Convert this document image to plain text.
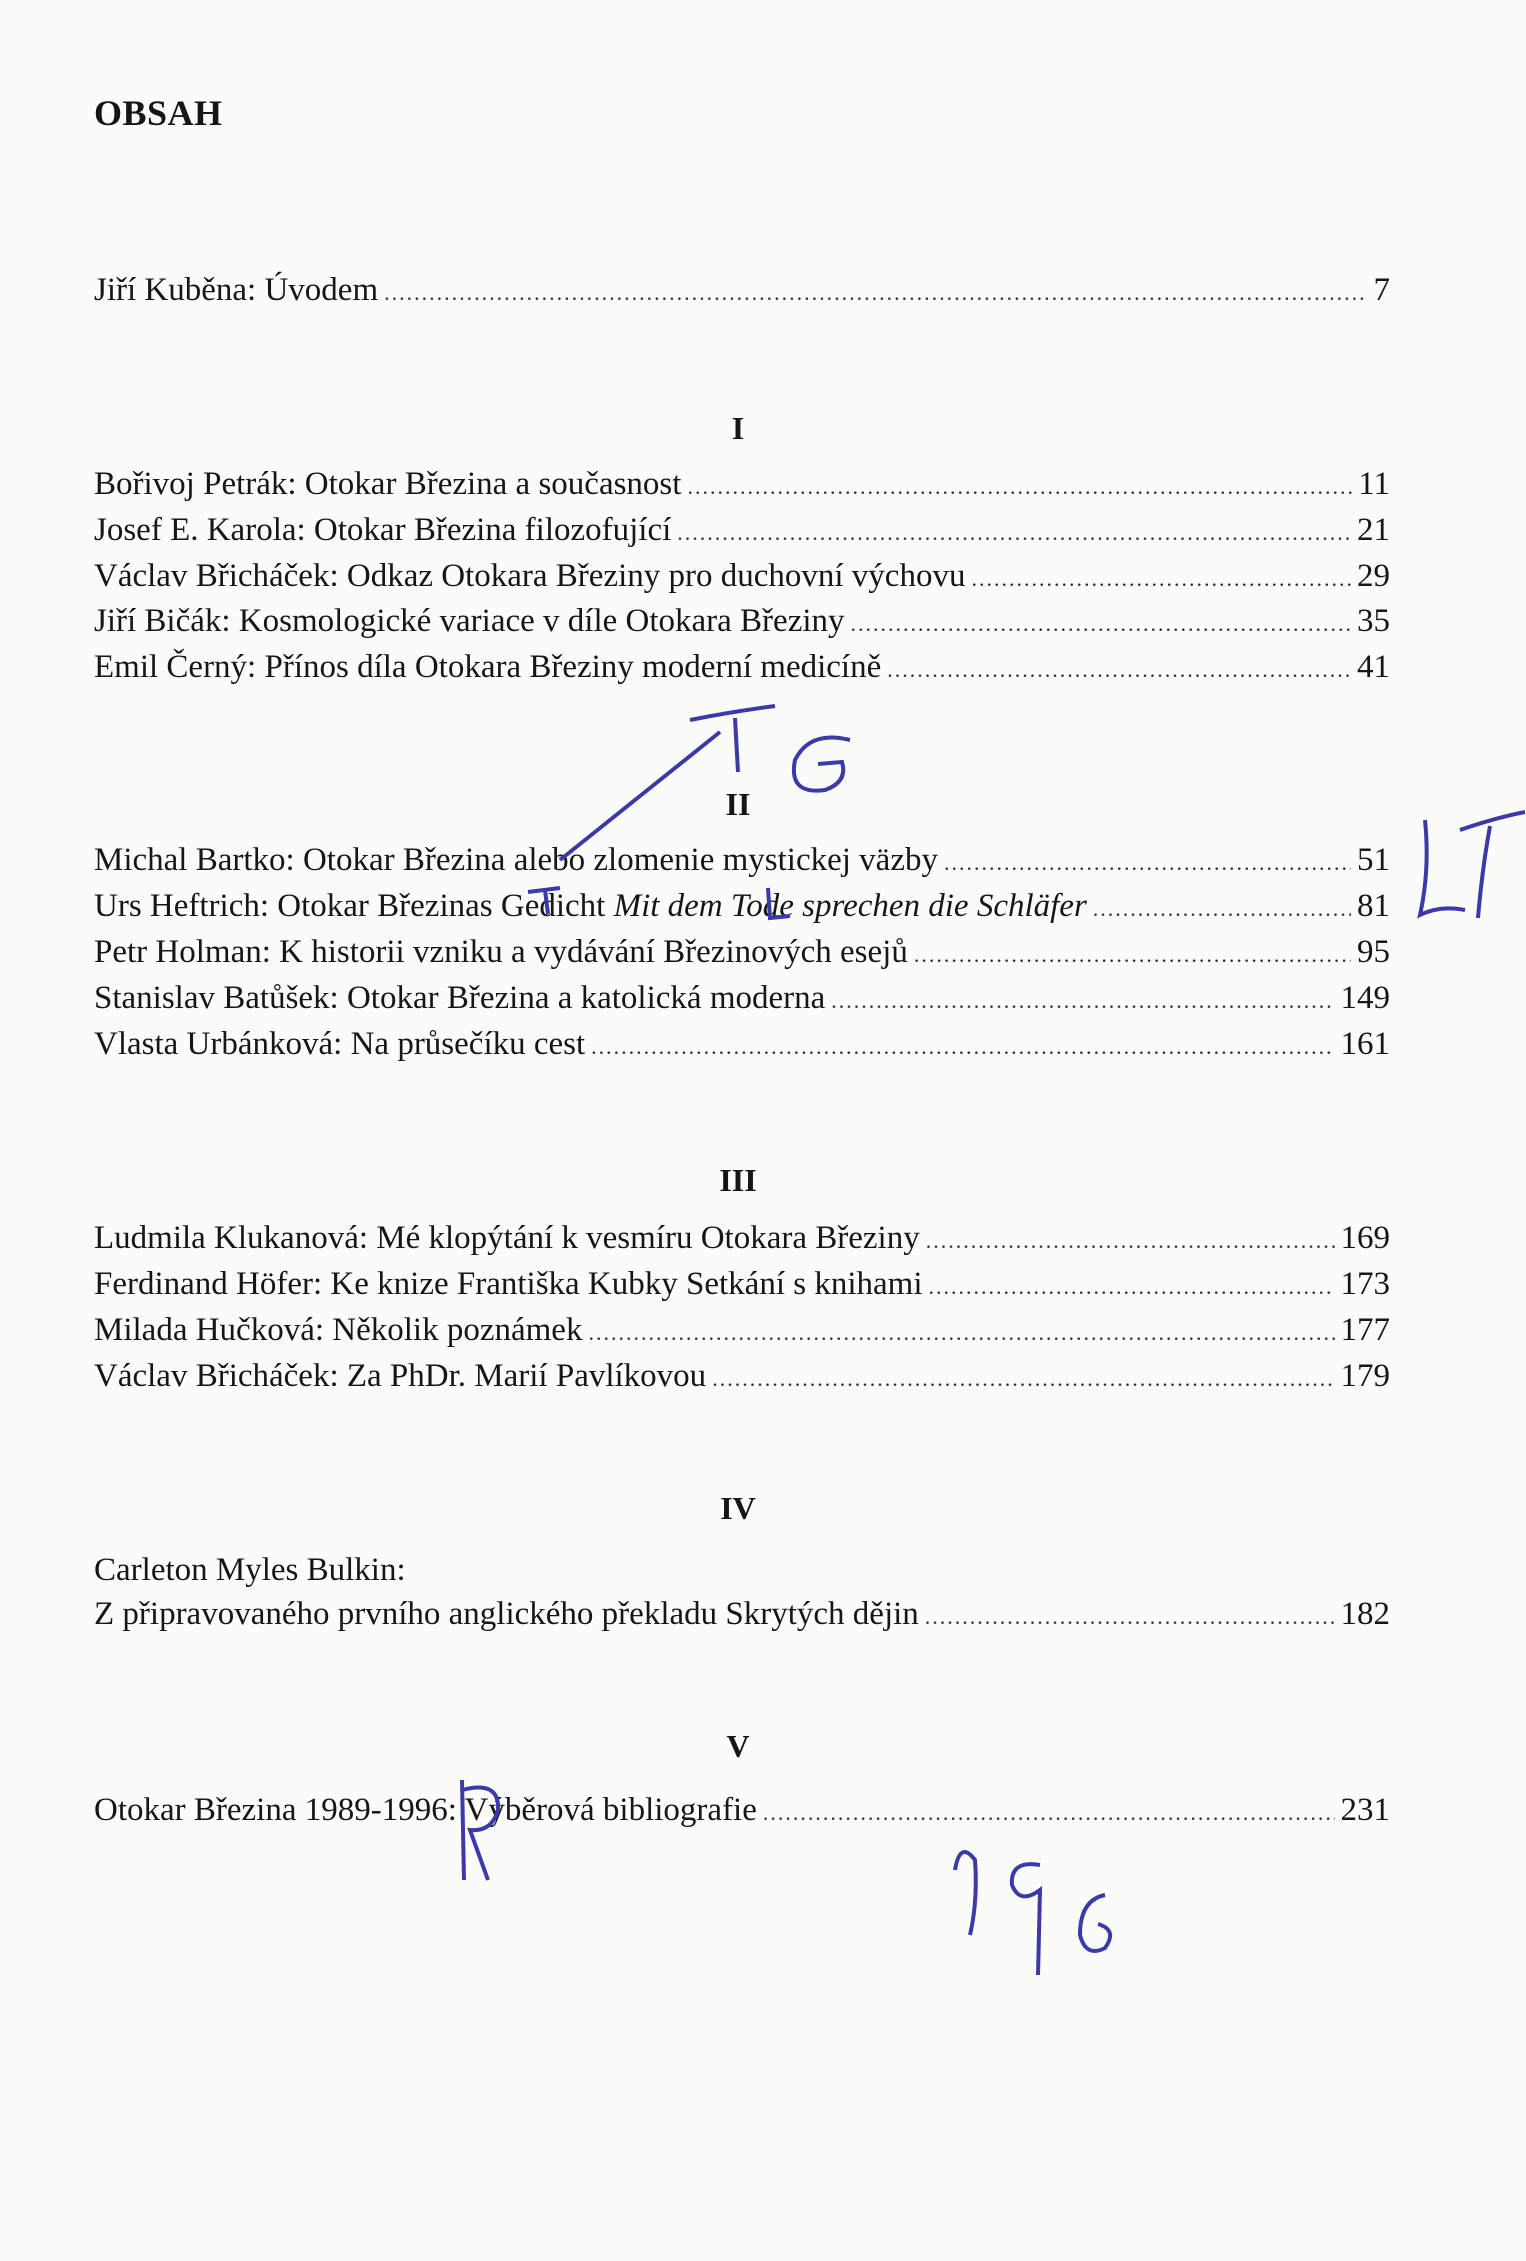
OBSAH
Jiří Kuběna: Úvodem .....	7
I
Bořivoj Petrák: Otokar Březina a současnost .....	11
Josef E. Karola: Otokar Březina filozofující .....	21
Václav Břicháček: Odkaz Otokara Březiny pro duchovní výchovu .....	29
Jiří Bičák: Kosmologické variace v díle Otokara Březiny .....	35
Emil Černý: Přínos díla Otokara Březiny moderní medicíně .....	41
II
Michal Bartko: Otokar Březina alebo zlomenie mystickej väzby .....	51
Urs Heftrich: Otokar Březinas Gedicht Mit dem Tode sprechen die Schläfer .....	81
Petr Holman: K historii vzniku a vydávání Březinových esejů .....	95
Stanislav Batůšek: Otokar Březina a katolická moderna .....	149
Vlasta Urbánková: Na průsečíku cest .....	161
III
Ludmila Klukanová: Mé klopýtání k vesmíru Otokara Březiny .....	169
Ferdinand Höfer: Ke knize Františka Kubky Setkání s knihami .....	173
Milada Hučková: Několik poznámek .....	177
Václav Břicháček: Za PhDr. Marií Pavlíkovou .....	179
IV
Carleton Myles Bulkin:
Z připravovaného prvního anglického překladu Skrytých dějin .....	182
V
Otokar Březina 1989-1996: Výběrová bibliografie .....	231
